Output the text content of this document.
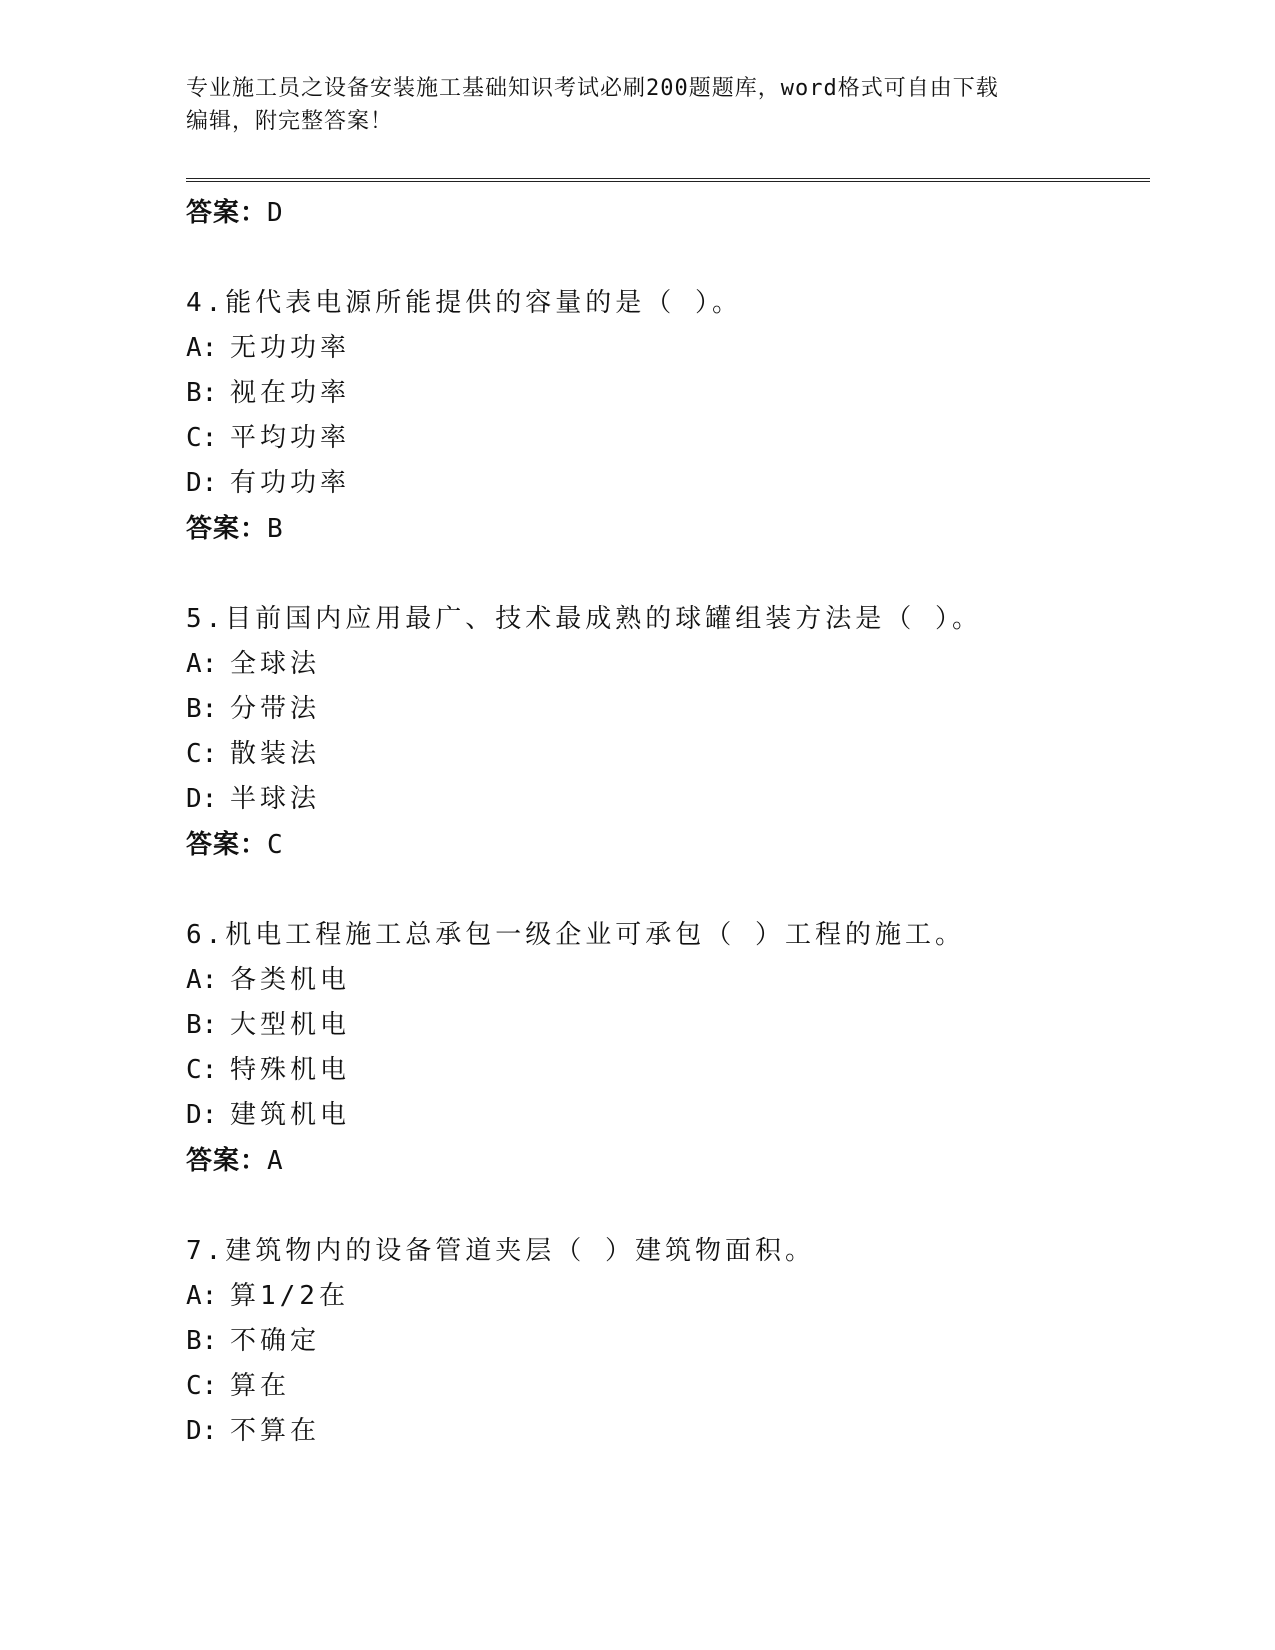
专业施工员之设备安装施工基础知识考试必刷200题题库，word格式可自由下载
编辑，附完整答案！
答案：D
4.能代表电源所能提供的容量的是（ ）。
A: 无功功率
B: 视在功率
C: 平均功率
D: 有功功率
答案：B
5.目前国内应用最广、技术最成熟的球罐组装方法是（ ）。
A: 全球法
B: 分带法
C: 散装法
D: 半球法
答案：C
6.机电工程施工总承包一级企业可承包（ ）工程的施工。
A: 各类机电
B: 大型机电
C: 特殊机电
D: 建筑机电
答案：A
7.建筑物内的设备管道夹层（ ）建筑物面积。
A: 算1/2在
B: 不确定
C: 算在
D: 不算在
